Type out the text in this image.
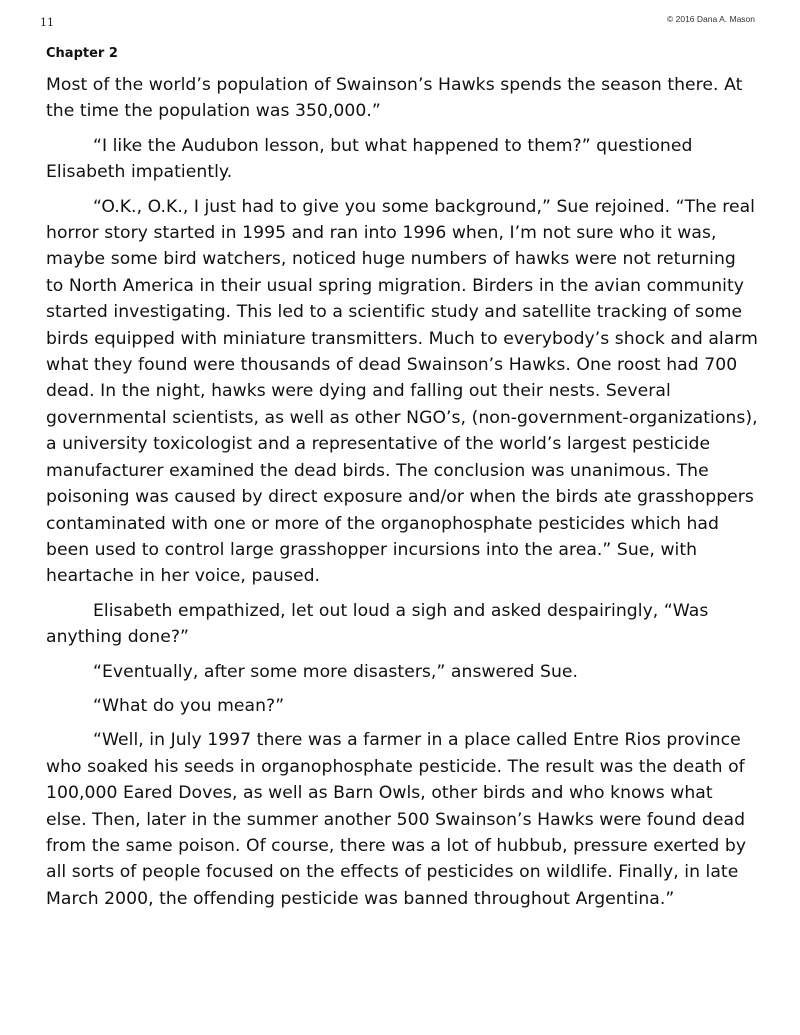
11	© 2016 Dana A. Mason
Chapter 2

Most of the world’s population of Swainson’s Hawks spends the season there. At the time the population was 350,000.”

“I like the Audubon lesson, but what happened to them?” questioned Elisabeth impatiently.

“O.K., O.K., I just had to give you some background,” Sue rejoined. “The real horror story started in 1995 and ran into 1996 when, I’m not sure who it was, maybe some bird watchers, noticed huge numbers of hawks were not returning to North America in their usual spring migration. Birders in the avian community started investigating. This led to a scientific study and satellite tracking of some birds equipped with miniature transmitters. Much to everybody’s shock and alarm what they found were thousands of dead Swainson’s Hawks. One roost had 700 dead. In the night, hawks were dying and falling out their nests. Several governmental scientists, as well as other NGO’s, (non-government-organizations), a university toxicologist and a representative of the world’s largest pesticide manufacturer examined the dead birds. The conclusion was unanimous. The poisoning was caused by direct exposure and/or when the birds ate grasshoppers contaminated with one or more of the organophosphate pesticides which had been used to control large grasshopper incursions into the area.” Sue, with heartache in her voice, paused.

Elisabeth empathized, let out loud a sigh and asked despairingly, “Was anything done?”

“Eventually, after some more disasters,” answered Sue.

“What do you mean?”

“Well, in July 1997 there was a farmer in a place called Entre Rios province who soaked his seeds in organophosphate pesticide. The result was the death of 100,000 Eared Doves, as well as Barn Owls, other birds and who knows what else. Then, later in the summer another 500 Swainson’s Hawks were found dead from the same poison. Of course, there was a lot of hubbub, pressure exerted by all sorts of people focused on the effects of pesticides on wildlife. Finally, in late March 2000, the offending pesticide was banned throughout Argentina.”
